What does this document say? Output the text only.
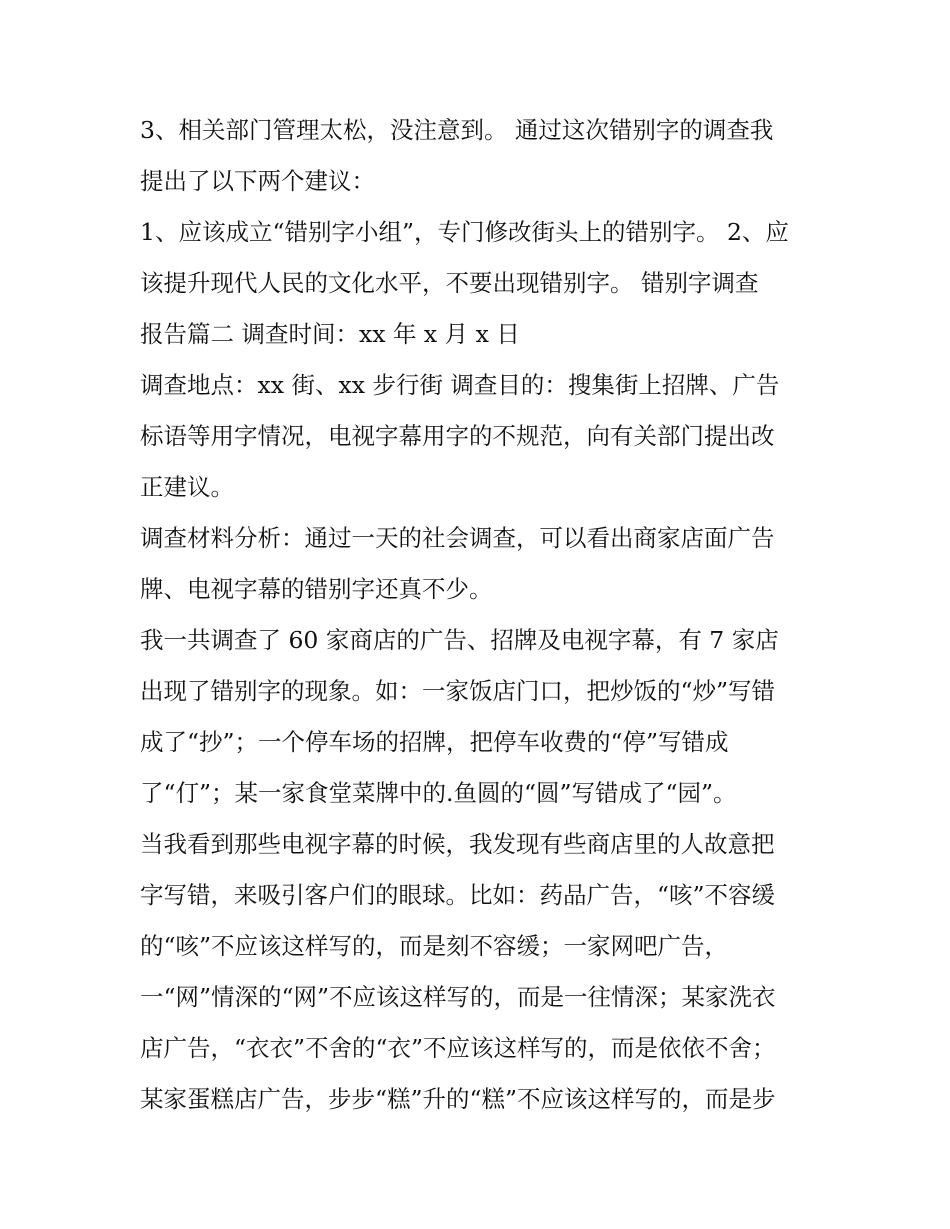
3、相关部门管理太松，没注意到。 通过这次错别字的调查我
提出了以下两个建议：
1、应该成立“错别字小组”，专门修改街头上的错别字。 2、应
该提升现代人民的文化水平，不要出现错别字。 错别字调查
报告篇二 调查时间：xx 年 x 月 x 日
调查地点：xx 街、xx 步行街 调查目的：搜集街上招牌、广告
标语等用字情况，电视字幕用字的不规范，向有关部门提出改
正建议。
调查材料分析：通过一天的社会调查，可以看出商家店面广告
牌、电视字幕的错别字还真不少。
我一共调查了 60 家商店的广告、招牌及电视字幕，有 7 家店
出现了错别字的现象。如：一家饭店门口，把炒饭的“炒”写错
成了“抄”；一个停车场的招牌，把停车收费的“停”写错成
了“仃”；某一家食堂菜牌中的.鱼圆的“圆”写错成了“园”。
当我看到那些电视字幕的时候，我发现有些商店里的人故意把
字写错，来吸引客户们的眼球。比如：药品广告，“咳”不容缓
的“咳”不应该这样写的，而是刻不容缓；一家网吧广告，
一“网”情深的“网”不应该这样写的，而是一往情深；某家洗衣
店广告，“衣衣”不舍的“衣”不应该这样写的，而是依依不舍；
某家蛋糕店广告，步步“糕”升的“糕”不应该这样写的，而是步
